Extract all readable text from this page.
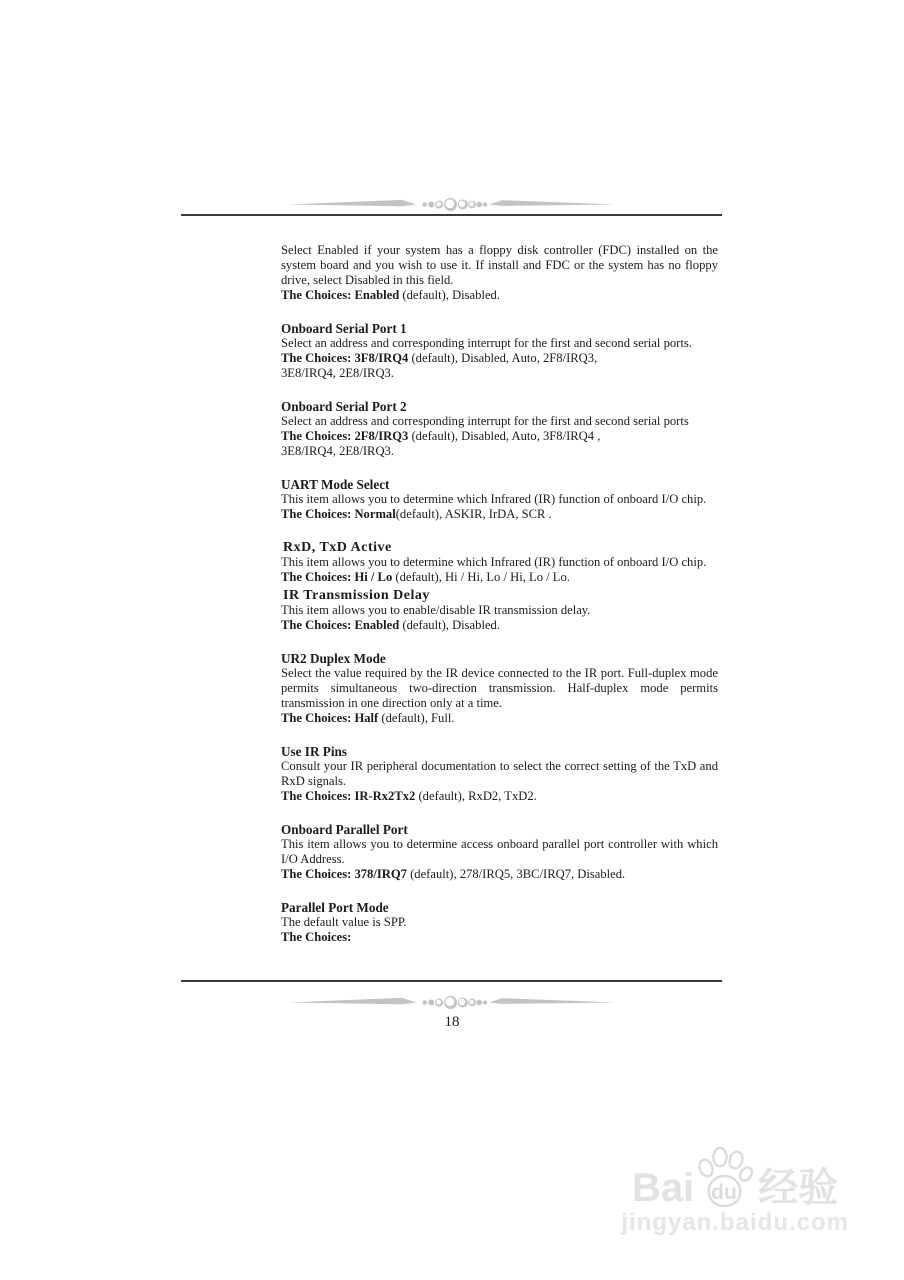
Select Enabled if your system has a floppy disk controller (FDC) installed on the system board and you wish to use it. If install and FDC or the system has no floppy drive, select Disabled in this field.

The Choices: Enabled (default), Disabled.

Onboard Serial Port 1

Select an address and corresponding interrupt for the first and second serial ports.

The Choices: 3F8/IRQ4 (default), Disabled, Auto, 2F8/IRQ3,

3E8/IRQ4, 2E8/IRQ3.

Onboard Serial Port 2

Select an address and corresponding interrupt for the first and second serial ports

The Choices: 2F8/IRQ3 (default), Disabled, Auto, 3F8/IRQ4 ,

3E8/IRQ4, 2E8/IRQ3.

UART Mode Select

This item allows you to determine which Infrared (IR) function of onboard I/O chip.

The Choices: Normal(default), ASKIR, IrDA, SCR .

RxD, TxD Active

This item allows you to determine which Infrared (IR) function of onboard I/O chip.

The Choices: Hi / Lo (default), Hi / Hi, Lo / Hi, Lo / Lo.

IR Transmission Delay

This item allows you to enable/disable IR transmission delay.

The Choices: Enabled (default), Disabled.

UR2 Duplex Mode

Select the value required by the IR device connected to the IR port. Full-duplex mode permits simultaneous two-direction transmission. Half-duplex mode permits transmission in one direction only at a time.

The Choices: Half (default), Full.

Use IR Pins

Consult your IR peripheral documentation to select the correct setting of the TxD and RxD signals.

The Choices: IR-Rx2Tx2 (default), RxD2, TxD2.

Onboard Parallel Port

This item allows you to determine access onboard parallel port controller with which I/O Address.

The Choices: 378/IRQ7 (default), 278/IRQ5, 3BC/IRQ7, Disabled.

Parallel Port Mode

The default value is SPP.

The Choices:

18
Bai du 经验
jingyan.baidu.com
